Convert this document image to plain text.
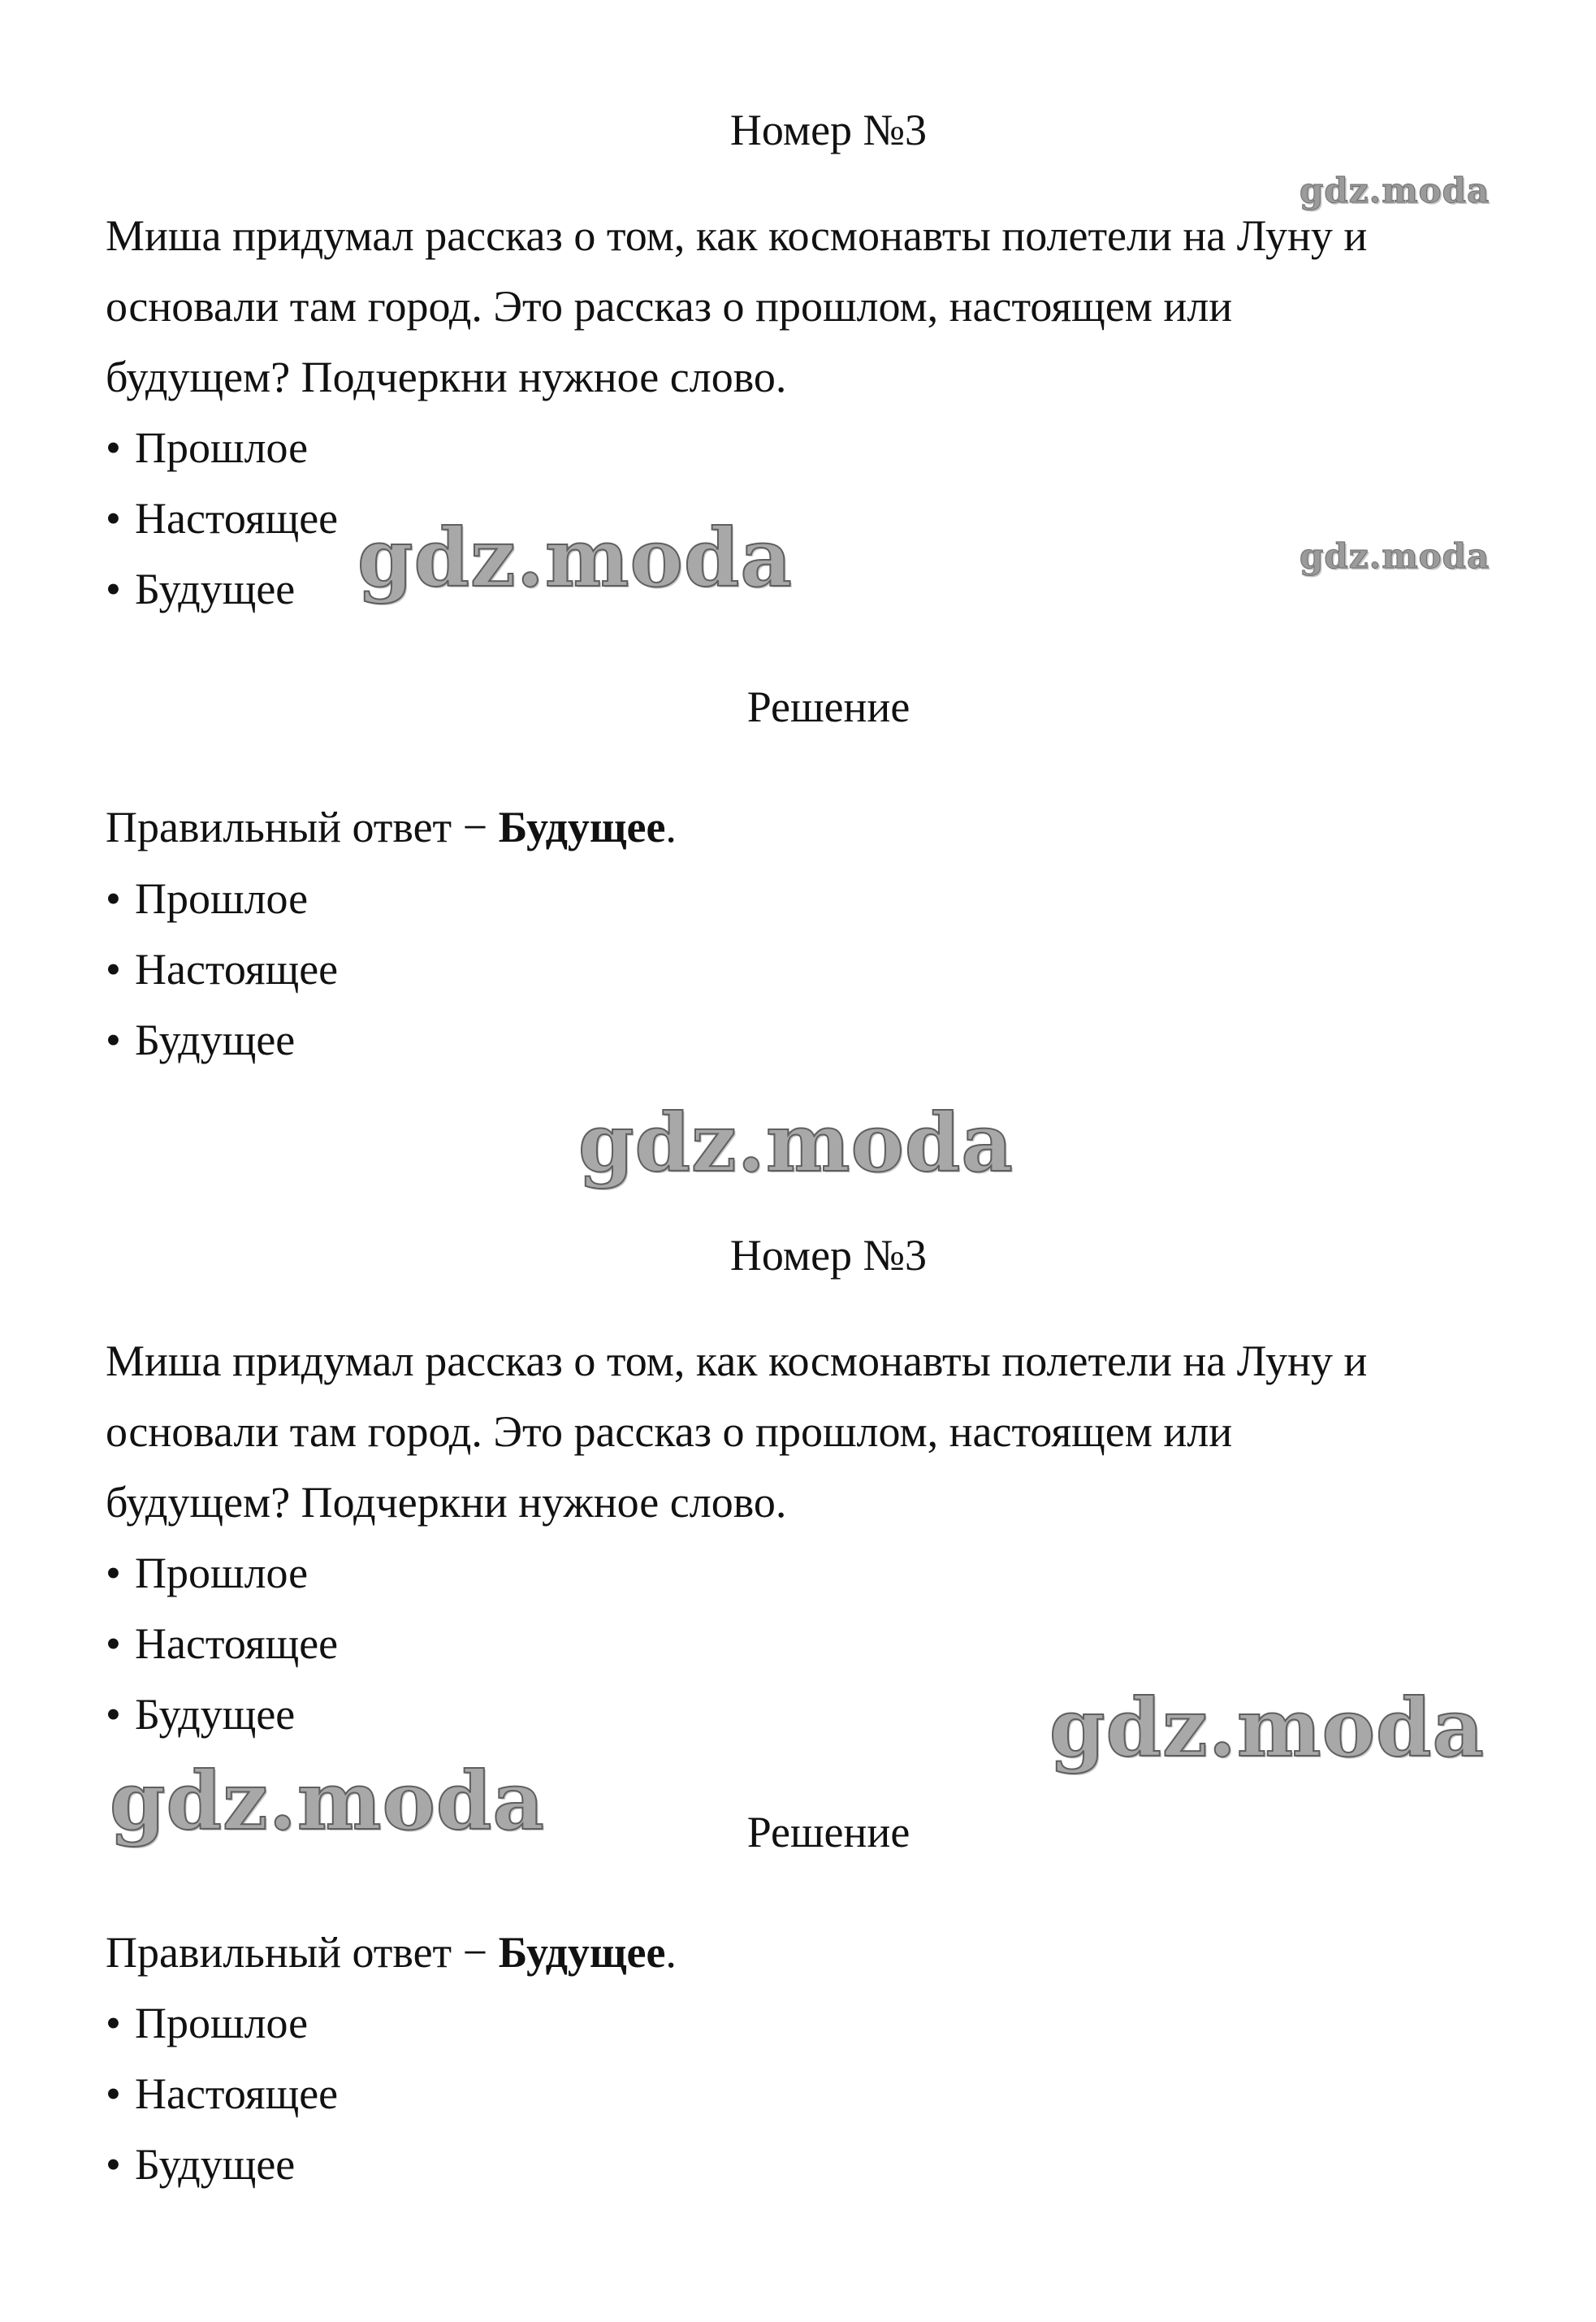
Номер №3
Миша придумал рассказ о том, как космонавты полетели на Луну и
основали там город. Это рассказ о прошлом, настоящем или
будущем? Подчеркни нужное слово.
• Прошлое
• Настоящее
• Будущее
Решение
Правильный ответ − Будущее.
• Прошлое
• Настоящее
• Будущее
Номер №3
Миша придумал рассказ о том, как космонавты полетели на Луну и
основали там город. Это рассказ о прошлом, настоящем или
будущем? Подчеркни нужное слово.
• Прошлое
• Настоящее
• Будущее
Решение
Правильный ответ − Будущее.
• Прошлое
• Настоящее
• Будущее
gdz.moda
gdz.moda	gdz.moda
gdz.moda
gdz.moda
gdz.moda
